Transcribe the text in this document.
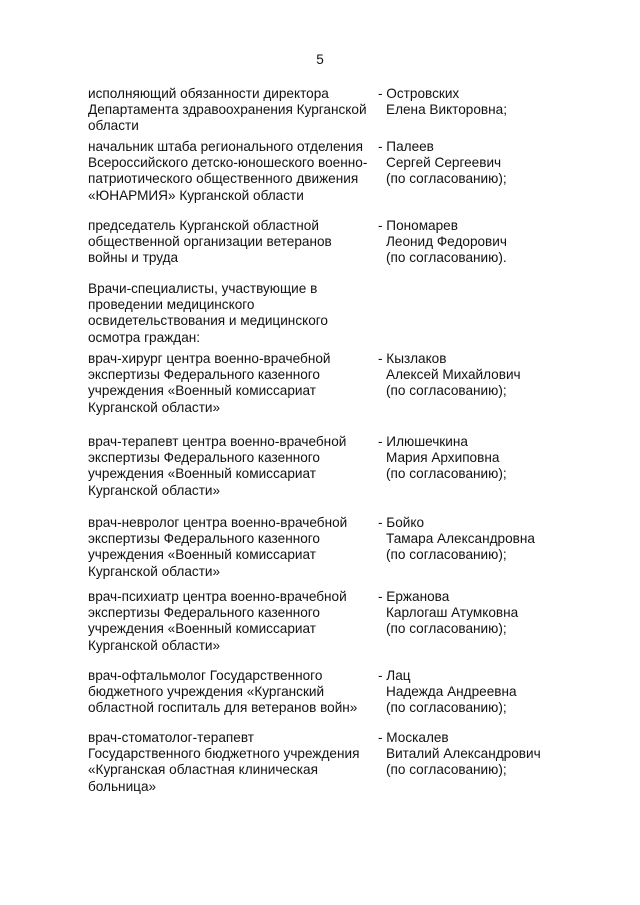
5
исполняющий обязанности директора
Департамента здравоохранения Курганской
области
- Островских
Елена Викторовна;
начальник штаба регионального отделения
Всероссийского детско-юношеского военно-
патриотического общественного движения
«ЮНАРМИЯ» Курганской области
- Палеев
Сергей Сергеевич
(по согласованию);
председатель Курганской областной
общественной организации ветеранов
войны и труда
- Пономарев
Леонид Федорович
(по согласованию).
Врачи-специалисты, участвующие в
проведении медицинского
освидетельствования и медицинского
осмотра граждан:
врач-хирург центра военно-врачебной
экспертизы Федерального казенного
учреждения «Военный комиссариат
Курганской области»
- Кызлаков
Алексей Михайлович
(по согласованию);
врач-терапевт центра военно-врачебной
экспертизы Федерального казенного
учреждения «Военный комиссариат
Курганской области»
- Илюшечкина
Мария Архиповна
(по согласованию);
врач-невролог центра военно-врачебной
экспертизы Федерального казенного
учреждения «Военный комиссариат
Курганской области»
- Бойко
Тамара Александровна
(по согласованию);
врач-психиатр центра военно-врачебной
экспертизы Федерального казенного
учреждения «Военный комиссариат
Курганской области»
- Ержанова
Карлогаш Атумковна
(по согласованию);
врач-офтальмолог Государственного
бюджетного учреждения «Курганский
областной госпиталь для ветеранов войн»
- Лац
Надежда Андреевна
(по согласованию);
врач-стоматолог-терапевт
Государственного бюджетного учреждения
«Курганская областная клиническая
больница»
- Москалев
Виталий Александрович
(по согласованию);
